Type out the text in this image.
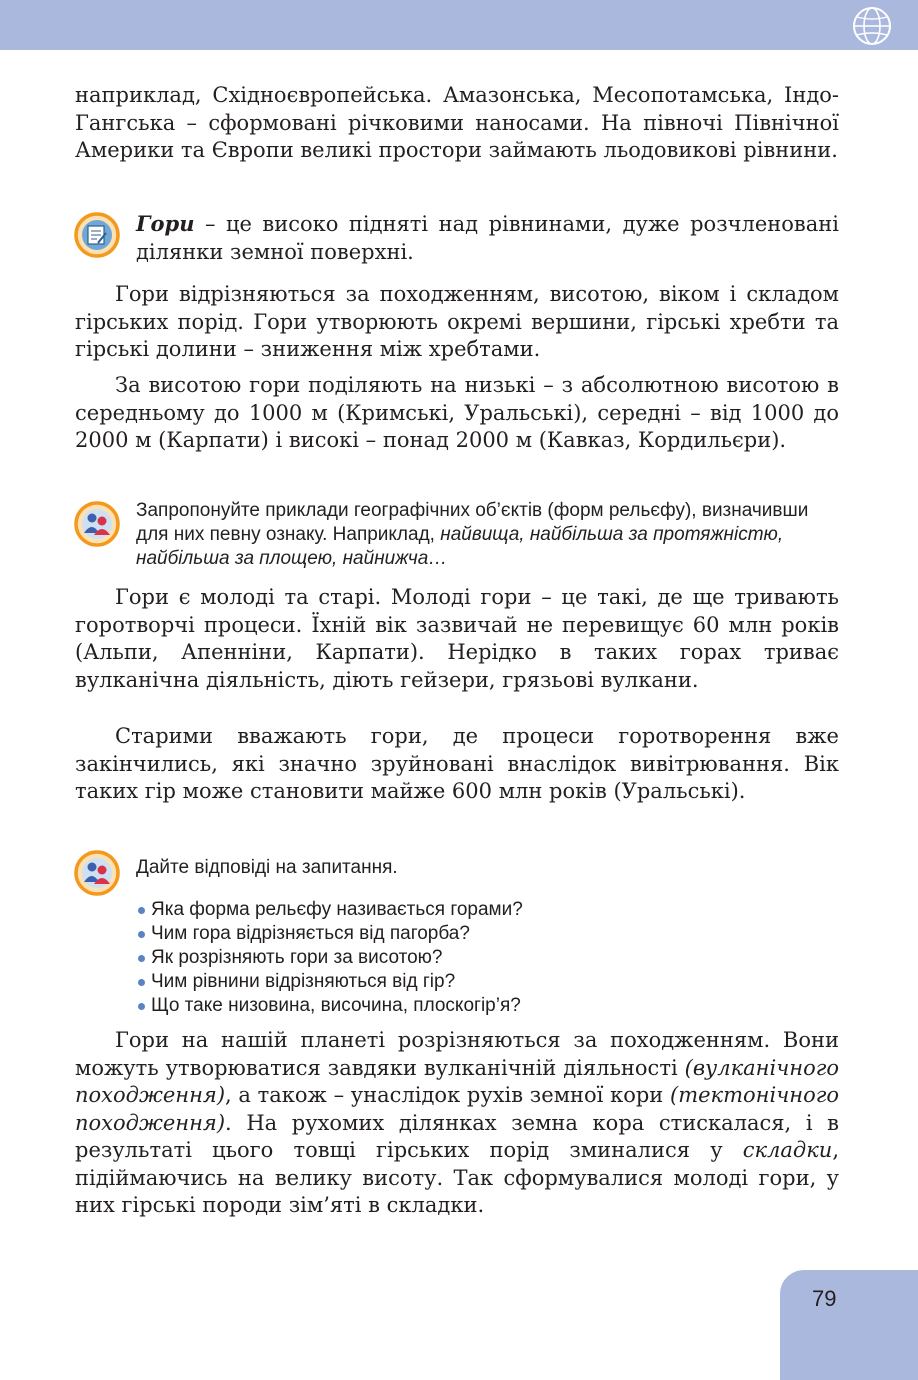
наприклад, Східноєвропейська. Амазонська, Месопотамська, Індо-Гангська – сформовані річковими наносами. На півночі Північної Америки та Європи великі простори займають льодовикові рівнини.

Гори – це високо підняті над рівнинами, дуже розчленовані ділянки земної поверхні.

Гори відрізняються за походженням, висотою, віком і складом гірських порід. Гори утворюють окремі вершини, гірські хребти та гірські долини – зниження між хребтами.

За висотою гори поділяють на низькі – з абсолютною висотою в середньому до 1000 м (Кримські, Уральські), середні – від 1000 до 2000 м (Карпати) і високі – понад 2000 м (Кавказ, Кордильєри).

Запропонуйте приклади географічних об’єктів (форм рельєфу), визначивши для них певну ознаку. Наприклад, найвища, найбільша за протяжністю, найбільша за площею, найнижча…

Гори є молоді та старі. Молоді гори – це такі, де ще тривають горотворчі процеси. Їхній вік зазвичай не перевищує 60 млн років (Альпи, Апенніни, Карпати). Нерідко в таких горах триває вулканічна діяльність, діють гейзери, грязьові вулкани.

Старими вважають гори, де процеси горотворення вже закінчились, які значно зруйновані внаслідок вивітрювання. Вік таких гір може становити майже 600 млн років (Уральські).

Дайте відповіді на запитання.

Яка форма рельєфу називається горами?
Чим гора відрізняється від пагорба?
Як розрізняють гори за висотою?
Чим рівнини відрізняються від гір?
Що таке низовина, височина, плоскогір’я?

Гори на нашій планеті розрізняються за походженням. Вони можуть утворюватися завдяки вулканічній діяльності (вулканічного походження), а також – унаслідок рухів земної кори (тектонічного походження). На рухомих ділянках земна кора стискалася, і в результаті цього товщі гірських порід зминалися у складки, підіймаючись на велику висоту. Так сформувалися молоді гори, у них гірські породи зім’яті в складки.

79
